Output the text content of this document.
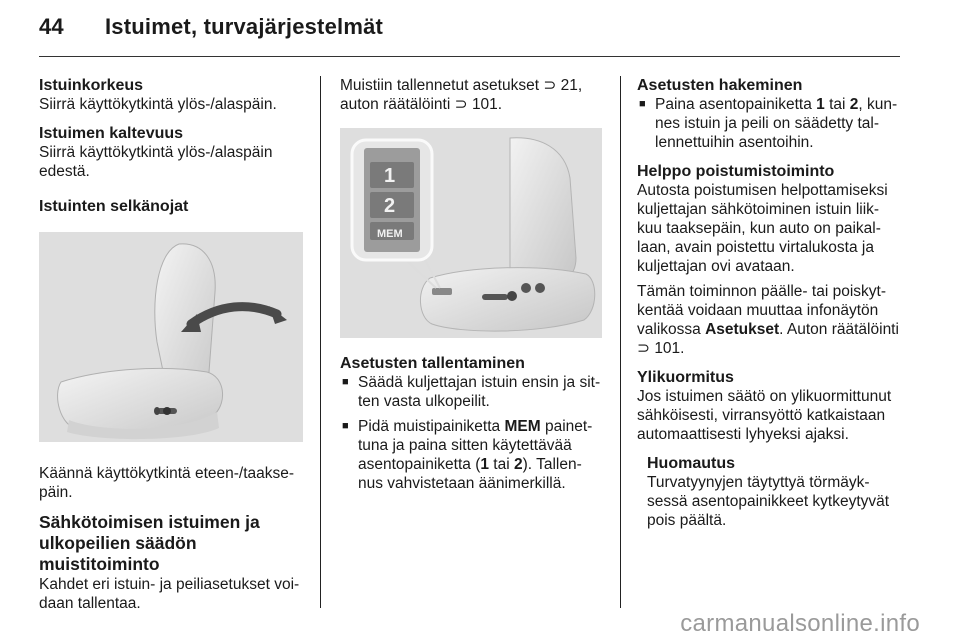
44 Istuimet, turvajärjestelmät
Istuinkorkeus

Siirrä käyttökytkintä ylös-/alaspäin.

Istuimen kaltevuus

Siirrä käyttökytkintä ylös-/alaspäin

edestä.

Istuinten selkänojat

Käännä käyttökytkintä eteen-/taakse-

päin.

Sähkötoimisen istuimen ja
ulkopeilien säädön muistitoiminto

Kahdet eri istuin- ja peiliasetukset voi-

daan tallentaa.

Muistiin tallennetut asetukset ⊃ 21,

auton räätälöinti ⊃ 101.

1
2
MEM
Asetusten tallentaminen

■ Säädä kuljettajan istuin ensin ja sit-

ten vasta ulkopeilit.

■ Pidä muistipainiketta MEM painet-

tuna ja paina sitten käytettävää

asentopainiketta (1 tai 2). Tallen-

nus vahvistetaan äänimerkillä.

Asetusten hakeminen

■ Paina asentopainiketta 1 tai 2, kun-

nes istuin ja peili on säädetty tal-

lennettuihin asentoihin.

Helppo poistumistoiminto

Autosta poistumisen helpottamiseksi

kuljettajan sähkötoiminen istuin liik-

kuu taaksepäin, kun auto on paikal-

laan, avain poistettu virtalukosta ja

kuljettajan ovi avataan.

Tämän toiminnon päälle- tai poiskyt-

kentää voidaan muuttaa infonäytön

valikossa Asetukset. Auton räätälöinti

⊃ 101.

Ylikuormitus

Jos istuimen säätö on ylikuormittunut

sähköisesti, virransyöttö katkaistaan

automaattisesti lyhyeksi ajaksi.

Huomautus

Turvatyynyjen täytyttyä törmäyk-

sessä asentopainikkeet kytkeytyvät

pois päältä.

carmanualsonline.info
